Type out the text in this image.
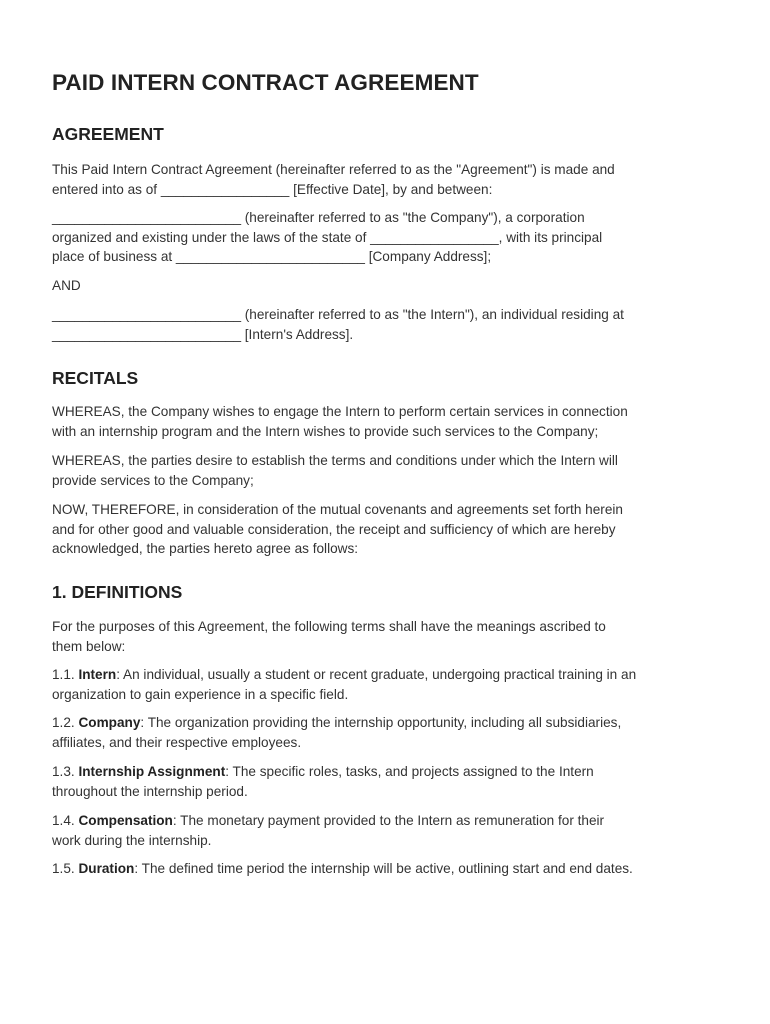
PAID INTERN CONTRACT AGREEMENT
AGREEMENT

This Paid Intern Contract Agreement (hereinafter referred to as the "Agreement") is made and
entered into as of _________________ [Effective Date], by and between:

_________________________ (hereinafter referred to as "the Company"), a corporation
organized and existing under the laws of the state of _________________, with its principal
place of business at _________________________ [Company Address];

AND

_________________________ (hereinafter referred to as "the Intern"), an individual residing at
_________________________ [Intern's Address].

RECITALS

WHEREAS, the Company wishes to engage the Intern to perform certain services in connection
with an internship program and the Intern wishes to provide such services to the Company;

WHEREAS, the parties desire to establish the terms and conditions under which the Intern will
provide services to the Company;

NOW, THEREFORE, in consideration of the mutual covenants and agreements set forth herein
and for other good and valuable consideration, the receipt and sufficiency of which are hereby
acknowledged, the parties hereto agree as follows:

1. DEFINITIONS

For the purposes of this Agreement, the following terms shall have the meanings ascribed to
them below:

1.1. Intern: An individual, usually a student or recent graduate, undergoing practical training in an
organization to gain experience in a specific field.

1.2. Company: The organization providing the internship opportunity, including all subsidiaries,
affiliates, and their respective employees.

1.3. Internship Assignment: The specific roles, tasks, and projects assigned to the Intern
throughout the internship period.

1.4. Compensation: The monetary payment provided to the Intern as remuneration for their
work during the internship.

1.5. Duration: The defined time period the internship will be active, outlining start and end dates.
